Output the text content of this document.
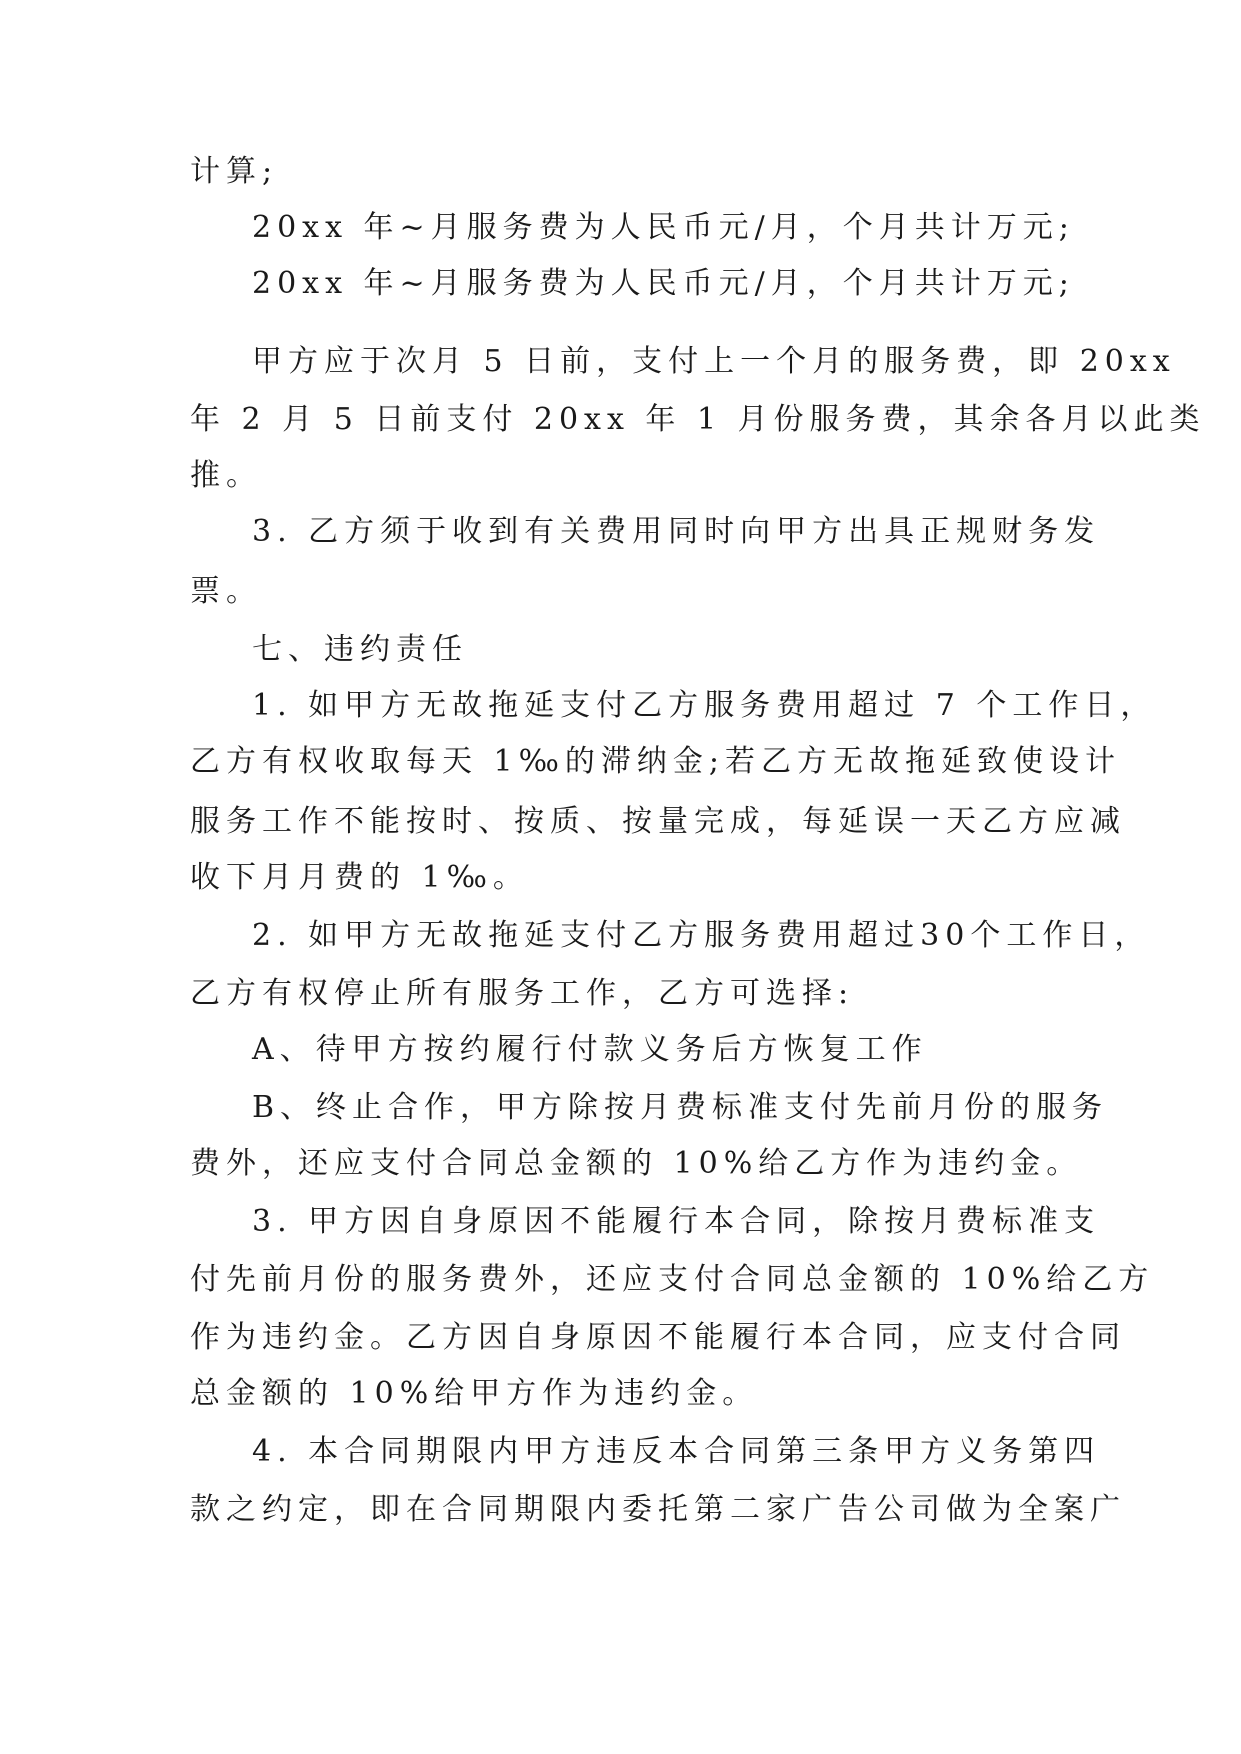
计算;
20xx 年~月服务费为人民币元/月，个月共计万元;
20xx 年~月服务费为人民币元/月，个月共计万元;
甲方应于次月 5 日前，支付上一个月的服务费，即 20xx
年 2 月 5 日前支付 20xx 年 1 月份服务费，其余各月以此类
推。
3. 乙方须于收到有关费用同时向甲方出具正规财务发
票。
七、违约责任
1. 如甲方无故拖延支付乙方服务费用超过 7 个工作日，
乙方有权收取每天 1‰的滞纳金;若乙方无故拖延致使设计
服务工作不能按时、按质、按量完成，每延误一天乙方应减
收下月月费的 1‰。
2. 如甲方无故拖延支付乙方服务费用超过30个工作日，
乙方有权停止所有服务工作，乙方可选择:
A、待甲方按约履行付款义务后方恢复工作
B、终止合作，甲方除按月费标准支付先前月份的服务
费外，还应支付合同总金额的 10%给乙方作为违约金。
3. 甲方因自身原因不能履行本合同，除按月费标准支
付先前月份的服务费外，还应支付合同总金额的 10%给乙方
作为违约金。乙方因自身原因不能履行本合同，应支付合同
总金额的 10%给甲方作为违约金。
4. 本合同期限内甲方违反本合同第三条甲方义务第四
款之约定，即在合同期限内委托第二家广告公司做为全案广
